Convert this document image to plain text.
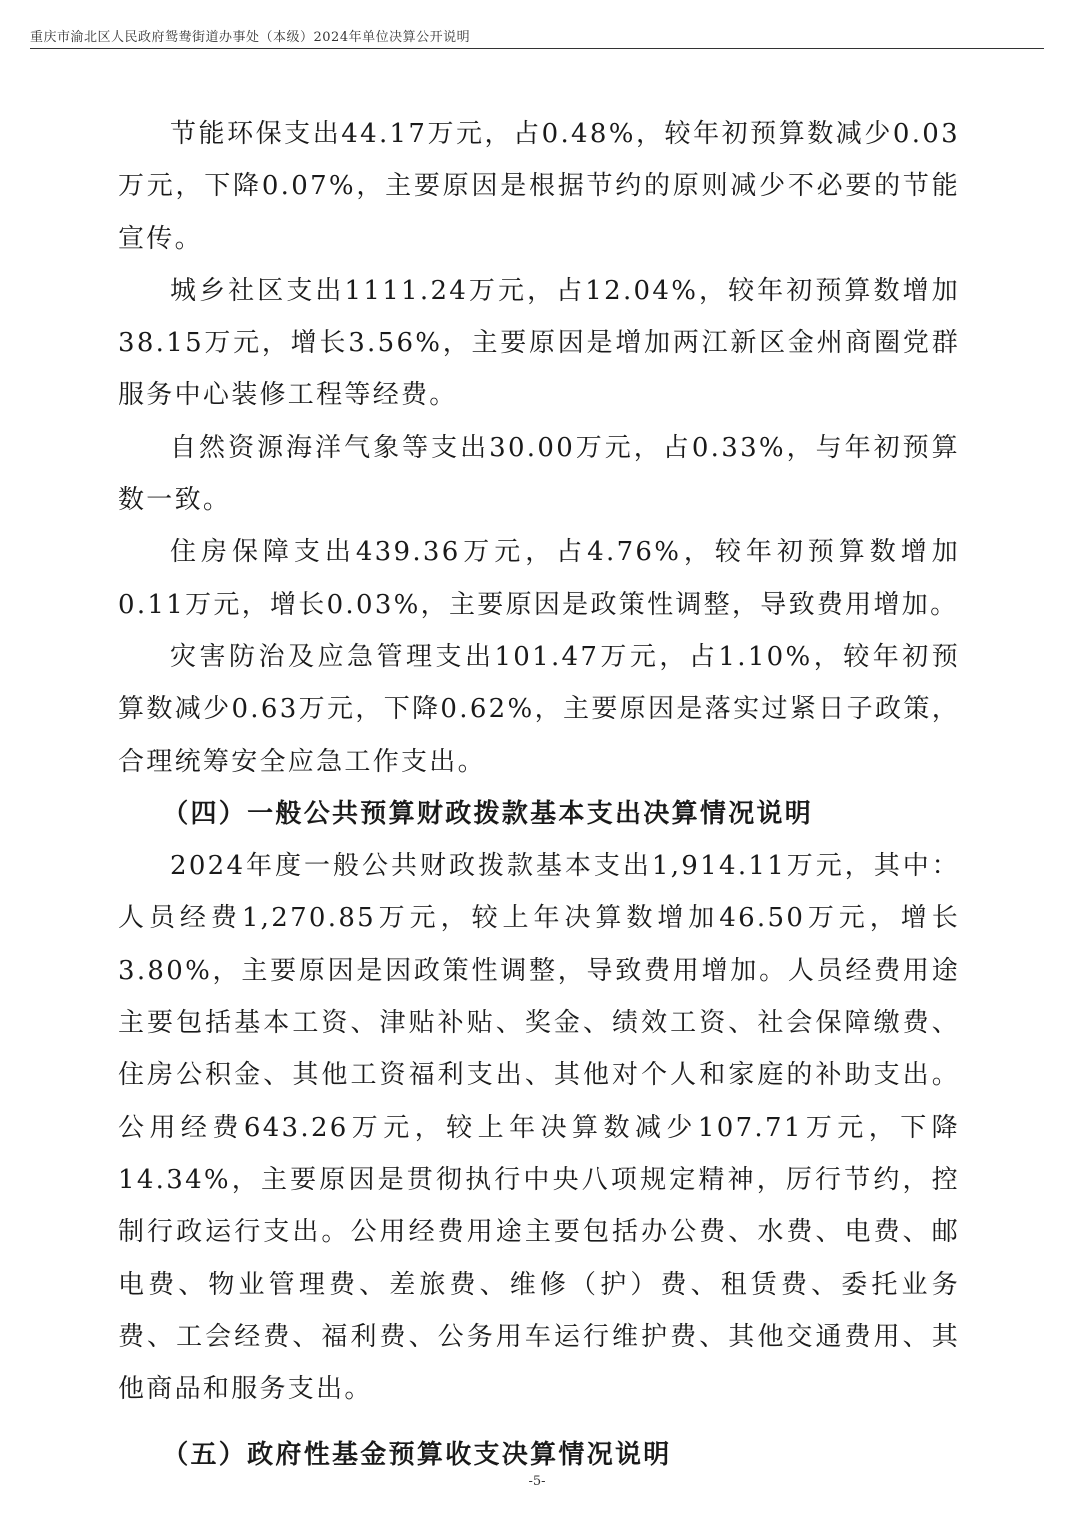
重庆市渝北区人民政府鸳鸯街道办事处（本级）2024年单位决算公开说明

节能环保支出44.17万元，占0.48%，较年初预算数减少0.03万元，下降0.07%，主要原因是根据节约的原则减少不必要的节能宣传。

城乡社区支出1111.24万元，占12.04%，较年初预算数增加38.15万元，增长3.56%，主要原因是增加两江新区金州商圈党群服务中心装修工程等经费。

自然资源海洋气象等支出30.00万元，占0.33%，与年初预算数一致。

住房保障支出439.36万元，占4.76%，较年初预算数增加0.11万元，增长0.03%，主要原因是政策性调整，导致费用增加。

灾害防治及应急管理支出101.47万元，占1.10%，较年初预算数减少0.63万元，下降0.62%，主要原因是落实过紧日子政策，合理统筹安全应急工作支出。

（四）一般公共预算财政拨款基本支出决算情况说明

2024年度一般公共财政拨款基本支出1,914.11万元，其中：人员经费1,270.85万元，较上年决算数增加46.50万元，增长3.80%，主要原因是因政策性调整，导致费用增加。人员经费用途主要包括基本工资、津贴补贴、奖金、绩效工资、社会保障缴费、住房公积金、其他工资福利支出、其他对个人和家庭的补助支出。公用经费643.26万元，较上年决算数减少107.71万元，下降14.34%，主要原因是贯彻执行中央八项规定精神，厉行节约，控制行政运行支出。公用经费用途主要包括办公费、水费、电费、邮电费、物业管理费、差旅费、维修（护）费、租赁费、委托业务费、工会经费、福利费、公务用车运行维护费、其他交通费用、其他商品和服务支出。

（五）政府性基金预算收支决算情况说明

-5-
